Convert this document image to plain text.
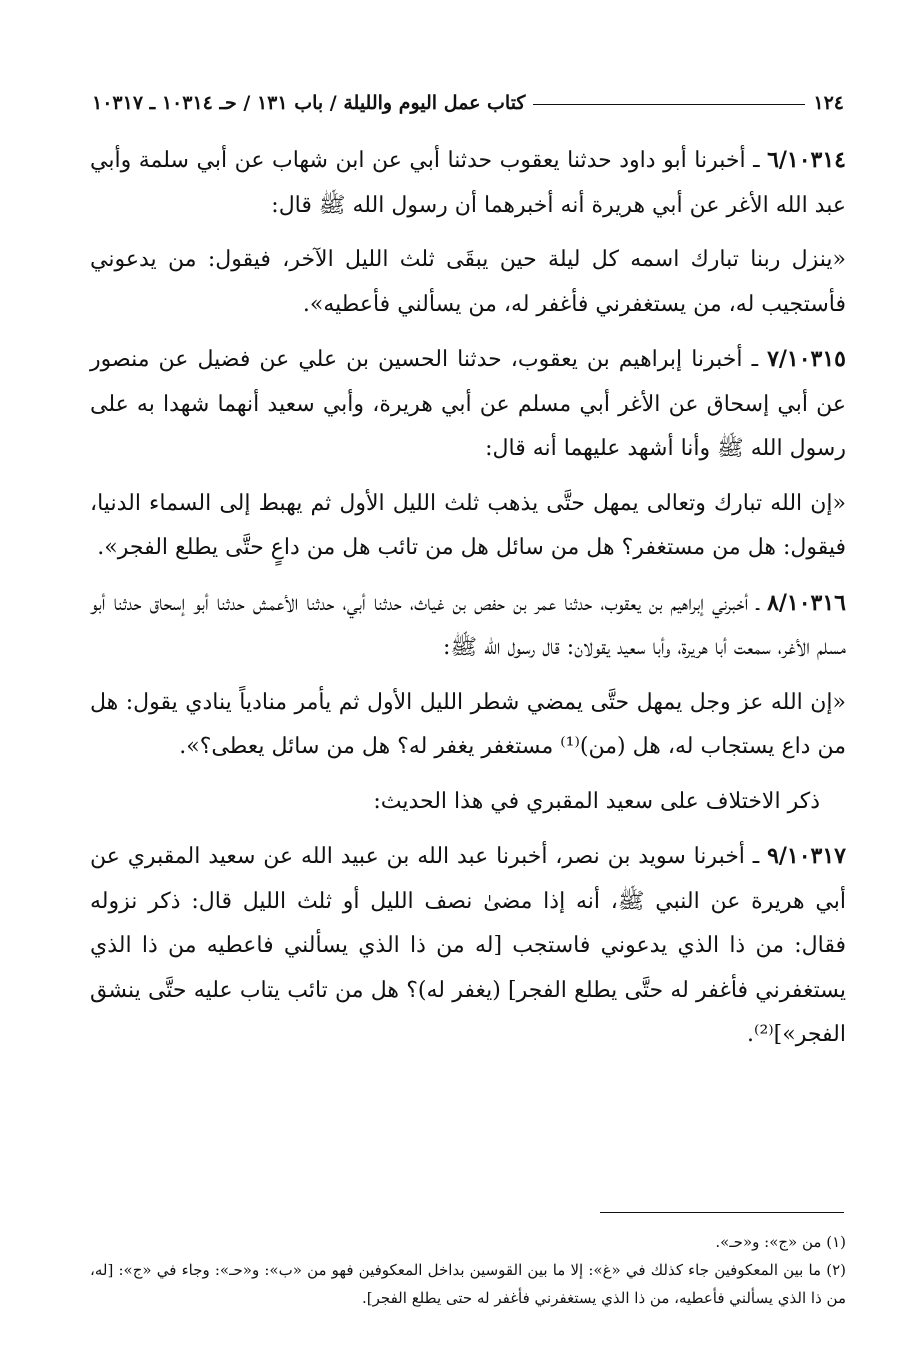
١٢٤
كتاب عمل اليوم والليلة / باب ١٣١ / حـ ١٠٣١٤ ـ ١٠٣١٧

٦/١٠٣١٤ ـ أخبرنا أبو داود حدثنا يعقوب حدثنا أبي عن ابن شهاب عن أبي سلمة وأبي عبد الله الأغر عن أبي هريرة أنه أخبرهما أن رسول الله ﷺ قال:

«ينزل ربنا تبارك اسمه كل ليلة حين يبقَى ثلث الليل الآخر، فيقول: من يدعوني فأستجيب له، من يستغفرني فأغفر له، من يسألني فأعطيه».

٧/١٠٣١٥ ـ أخبرنا إبراهيم بن يعقوب، حدثنا الحسين بن علي عن فضيل عن منصور عن أبي إسحاق عن الأغر أبي مسلم عن أبي هريرة، وأبي سعيد أنهما شهدا به على رسول الله ﷺ وأنا أشهد عليهما أنه قال:

«إن الله تبارك وتعالى يمهل حتَّى يذهب ثلث الليل الأول ثم يهبط إلى السماء الدنيا، فيقول: هل من مستغفر؟ هل من سائل هل من تائب هل من داعٍ حتَّى يطلع الفجر».

٨/١٠٣١٦ ـ أخبرني إبراهيم بن يعقوب، حدثنا عمر بن حفص بن غياث، حدثنا أبي، حدثنا الأعمش حدثنا أبو إسحاق حدثنا أبو مسلم الأغر، سمعت أبا هريرة، وأبا سعيد يقولان: قال رسول الله ﷺ:

«إن الله عز وجل يمهل حتَّى يمضي شطر الليل الأول ثم يأمر منادياً ينادي يقول: هل من داع يستجاب له، هل (من)⁽¹⁾ مستغفر يغفر له؟ هل من سائل يعطى؟».

ذكر الاختلاف على سعيد المقبري في هذا الحديث:

٩/١٠٣١٧ ـ أخبرنا سويد بن نصر، أخبرنا عبد الله بن عبيد الله عن سعيد المقبري عن أبي هريرة عن النبي ﷺ، أنه إذا مضىٰ نصف الليل أو ثلث الليل قال: ذكر نزوله فقال: من ذا الذي يدعوني فاستجب [له من ذا الذي يسألني فاعطيه من ذا الذي يستغفرني فأغفر له حتَّى يطلع الفجر] (يغفر له)؟ هل من تائب يتاب عليه حتَّى ينشق الفجر»]⁽²⁾.

(١) من «ج»: و«حـ».

(٢) ما بين المعكوفين جاء كذلك في «غ»: إلا ما بين القوسين بداخل المعكوفين فهو من «ب»: و«حـ»: وجاء في «ج»: [له، من ذا الذي يسألني فأعطيه، من ذا الذي يستغفرني فأغفر له حتى يطلع الفجر].
